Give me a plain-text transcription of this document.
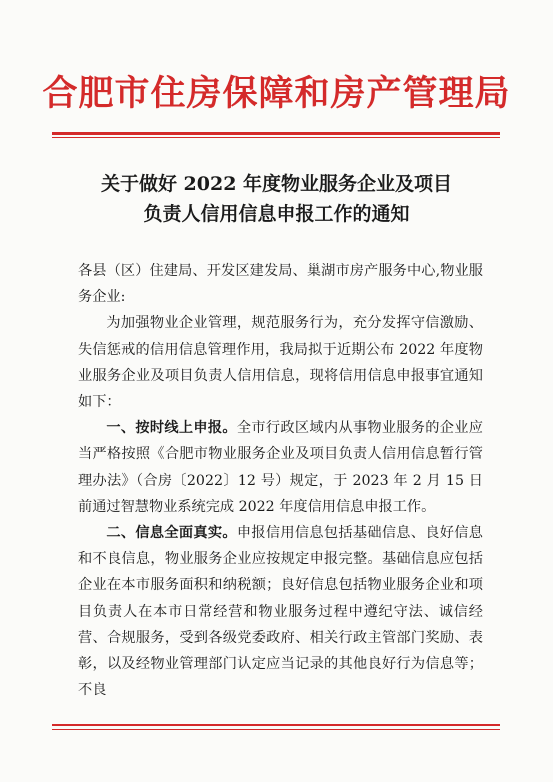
合肥市住房保障和房产管理局
关于做好 2022 年度物业服务企业及项目
负责人信用信息申报工作的通知

各县（区）住建局、开发区建发局、巢湖市房产服务中心,物业服务企业:

为加强物业企业管理，规范服务行为，充分发挥守信激励、失信惩戒的信用信息管理作用，我局拟于近期公布 2022 年度物业服务企业及项目负责人信用信息，现将信用信息申报事宜通知如下：

一、按时线上申报。全市行政区域内从事物业服务的企业应当严格按照《合肥市物业服务企业及项目负责人信用信息暂行管理办法》（合房〔2022〕12 号）规定，于 2023 年 2 月 15 日前通过智慧物业系统完成 2022 年度信用信息申报工作。

二、信息全面真实。申报信用信息包括基础信息、良好信息和不良信息，物业服务企业应按规定申报完整。基础信息应包括企业在本市服务面积和纳税额；良好信息包括物业服务企业和项目负责人在本市日常经营和物业服务过程中遵纪守法、诚信经营、合规服务，受到各级党委政府、相关行政主管部门奖励、表彰，以及经物业管理部门认定应当记录的其他良好行为信息等；不良
